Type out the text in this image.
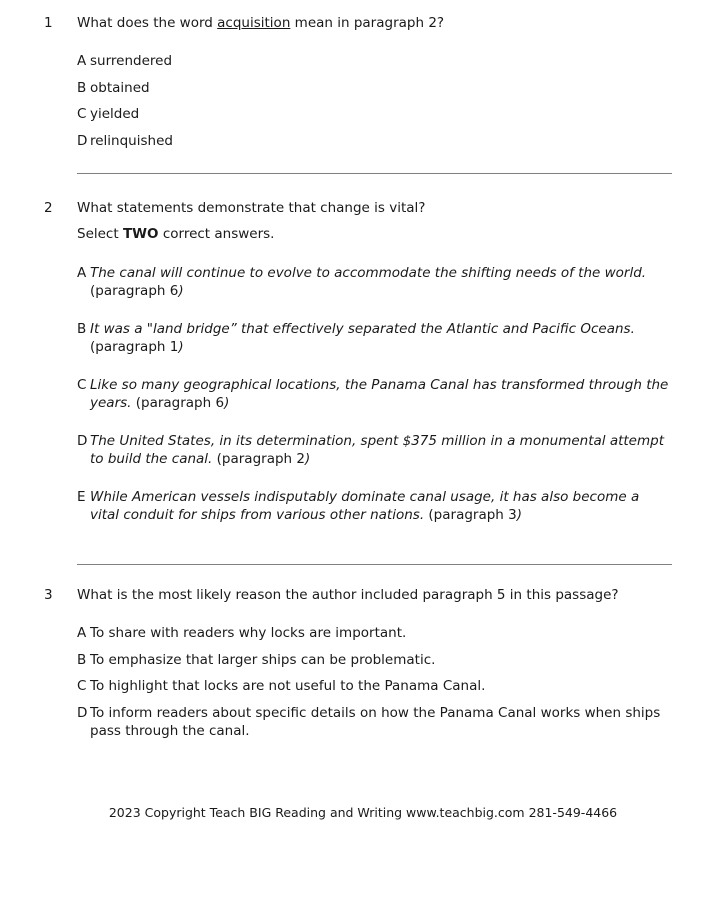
1	What does the word acquisition mean in paragraph 2?

A surrendered
B obtained
C yielded
D relinquished
2	What statements demonstrate that change is vital?

Select TWO correct answers.

A The canal will continue to evolve to accommodate the shifting needs of the world. (paragraph 6)
B It was a "land bridge” that effectively separated the Atlantic and Pacific Oceans. (paragraph 1)
C Like so many geographical locations, the Panama Canal has transformed through the years. (paragraph 6)
D The United States, in its determination, spent $375 million in a monumental attempt to build the canal. (paragraph 2)
E While American vessels indisputably dominate canal usage, it has also become a vital conduit for ships from various other nations. (paragraph 3)
3	What is the most likely reason the author included paragraph 5 in this passage?

A To share with readers why locks are important.
B To emphasize that larger ships can be problematic.
C To highlight that locks are not useful to the Panama Canal.
D To inform readers about specific details on how the Panama Canal works when ships pass through the canal.
2023 Copyright Teach BIG Reading and Writing www.teachbig.com 281-549-4466
